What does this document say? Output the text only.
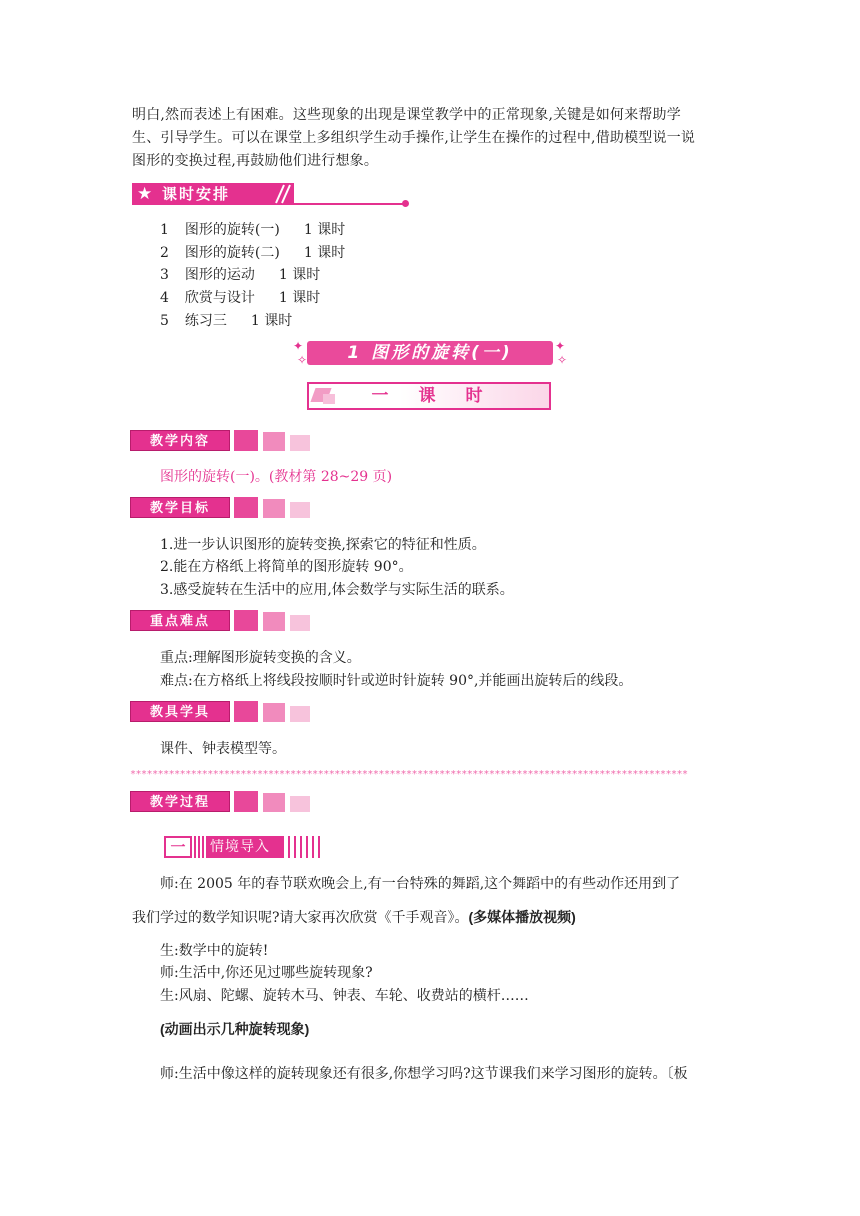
明白,然而表述上有困难。这些现象的出现是课堂教学中的正常现象,关键是如何来帮助学
生、引导学生。可以在课堂上多组织学生动手操作,让学生在操作的过程中,借助模型说一说
图形的变换过程,再鼓励他们进行想象。
★ 课时安排
1 图形的旋转(一) 1 课时
2 图形的旋转(二) 1 课时
3 图形的运动 1 课时
4 欣赏与设计 1 课时
5 练习三 1 课时
✦
✧
✦
✧
1 图形的旋转(一)
一课时
教学内容
图形的旋转(一)。(教材第 28~29 页)
教学目标
1.进一步认识图形的旋转变换,探索它的特征和性质。
2.能在方格纸上将简单的图形旋转 90°。
3.感受旋转在生活中的应用,体会数学与实际生活的联系。
重点难点
重点:理解图形旋转变换的含义。
难点:在方格纸上将线段按顺时针或逆时针旋转 90°,并能画出旋转后的线段。
教具学具
课件、钟表模型等。
*****************************************************************************************************
教学过程
一	情境导入
师:在 2005 年的春节联欢晚会上,有一台特殊的舞蹈,这个舞蹈中的有些动作还用到了
我们学过的数学知识呢?请大家再次欣赏《千手观音》。(多媒体播放视频)
生:数学中的旋转!
师:生活中,你还见过哪些旋转现象?
生:风扇、陀螺、旋转木马、钟表、车轮、收费站的横杆……
(动画出示几种旋转现象)
师:生活中像这样的旋转现象还有很多,你想学习吗?这节课我们来学习图形的旋转。〔板
